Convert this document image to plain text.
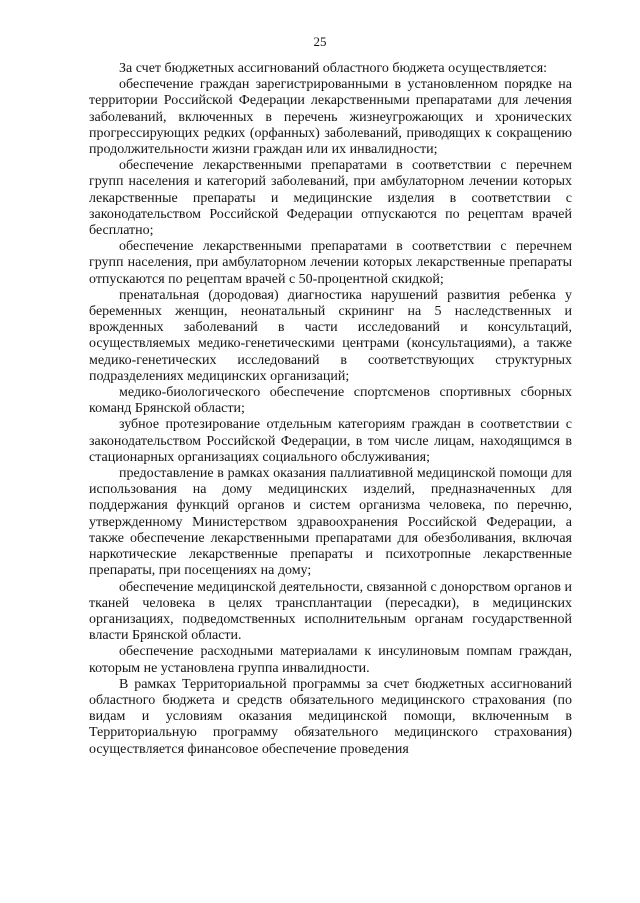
25

За счет бюджетных ассигнований областного бюджета осуществляется:

обеспечение граждан зарегистрированными в установленном порядке на территории Российской Федерации лекарственными препаратами для лечения заболеваний, включенных в перечень жизнеугрожающих и хронических прогрессирующих редких (орфанных) заболеваний, приводящих к сокращению продолжительности жизни граждан или их инвалидности;

обеспечение лекарственными препаратами в соответствии с перечнем групп населения и категорий заболеваний, при амбулаторном лечении которых лекарственные препараты и медицинские изделия в соответствии с законодательством Российской Федерации отпускаются по рецептам врачей бесплатно;

обеспечение лекарственными препаратами в соответствии с перечнем групп населения, при амбулаторном лечении которых лекарственные препараты отпускаются по рецептам врачей с 50-процентной скидкой;

пренатальная (дородовая) диагностика нарушений развития ребенка у беременных женщин, неонатальный скрининг на 5 наследственных и врожденных заболеваний в части исследований и консультаций, осуществляемых медико-генетическими центрами (консультациями), а также медико-генетических исследований в соответствующих структурных подразделениях медицинских организаций;

медико-биологического обеспечение спортсменов спортивных сборных команд Брянской области;

зубное протезирование отдельным категориям граждан в соответствии с законодательством Российской Федерации, в том числе лицам, находящимся в стационарных организациях социального обслуживания;

предоставление в рамках оказания паллиативной медицинской помощи для использования на дому медицинских изделий, предназначенных для поддержания функций органов и систем организма человека, по перечню, утвержденному Министерством здравоохранения Российской Федерации, а также обеспечение лекарственными препаратами для обезболивания, включая наркотические лекарственные препараты и психотропные лекарственные препараты, при посещениях на дому;

обеспечение медицинской деятельности, связанной с донорством органов и тканей человека в целях трансплантации (пересадки), в медицинских организациях, подведомственных исполнительным органам государственной власти Брянской области.

обеспечение расходными материалами к инсулиновым помпам граждан, которым не установлена группа инвалидности.

В рамках Территориальной программы за счет бюджетных ассигнований областного бюджета и средств обязательного медицинского страхования (по видам и условиям оказания медицинской помощи, включенным в Территориальную программу обязательного медицинского страхования) осуществляется финансовое обеспечение проведения
